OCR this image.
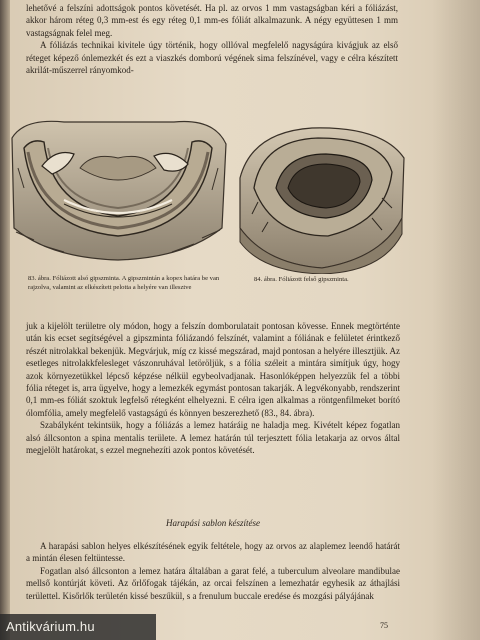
lehetővé a felszíni adottságok pontos követését. Ha pl. az orvos 1 mm vastagságban kéri a fóliázást, akkor három réteg 0,3 mm-est és egy réteg 0,1 mm-es fóliát alkalmazunk. A négy együttesen 1 mm vastagságnak felel meg.

A fóliázás technikai kivitele úgy történik, hogy olllóval megfelelő nagyságúra kivágjuk az első réteget képező ónlemezkét és ezt a viaszkés domború végének sima felszínével, vagy e célra készített akrilát-műszerrel rányomkod-

83. ábra. Fóliázott alsó gipszminta. A gipszmintán a kopex határa be van rajzolva, valamint az elkészített pelotta a helyére van illesztve
84. ábra. Fóliázott felső gipszminta.

juk a kijelölt területre oly módon, hogy a felszín domborulatait pontosan kövesse. Ennek megtörténte után kis ecset segítségével a gipszminta fóliázandó felszínét, valamint a fóliának e felületet érintkező részét nitrolakkal bekenjük. Megvárjuk, míg cz kissé megszárad, majd pontosan a helyére illesztjük. Az esetleges nitrolakkfelesleget vászonruhával letöröljük, s a fólia széleit a mintára simítjuk úgy, hogy azok környezetükkel lépcső képzése nélkül egybeolvadjanak. Hasonlóképpen helyezzük fel a többi fólia réteget is, arra ügyelve, hogy a lemezkék egymást pontosan takarják. A legvékonyabb, rendszerint 0,1 mm-es fóliát szoktuk legfelső rétegként elhelyezni. E célra igen alkalmas a röntgenfilmeket borító ólomfólia, amely megfelelő vastagságú és könnyen beszerezhető (83., 84. ábra).

Szabályként tekintsük, hogy a fóliázás a lemez határáig ne haladja meg. Kivételt képez fogatlan alsó állcsonton a spina mentalis területe. A lemez határán túl terjesztett fólia letakarja az orvos által megjelölt határokat, s ezzel megnehezíti azok pontos követését.

Harapási sablon készítése

A harapási sablon helyes elkészítésének egyik feltétele, hogy az orvos az alaplemez leendő határát a mintán élesen feltüntesse.

Fogatlan alsó állcsonton a lemez határa általában a garat felé, a tuberculum alveolare mandibulae mellső kontúrját követi. Az őrlőfogak tájékán, az orcai felszínen a lemezhatár egyhesik az áthajlási területtel. Kisőrlők területén kissé beszűkül, s a frenulum buccale eredése és mozgási pályájának

75
Antikvárium.hu
